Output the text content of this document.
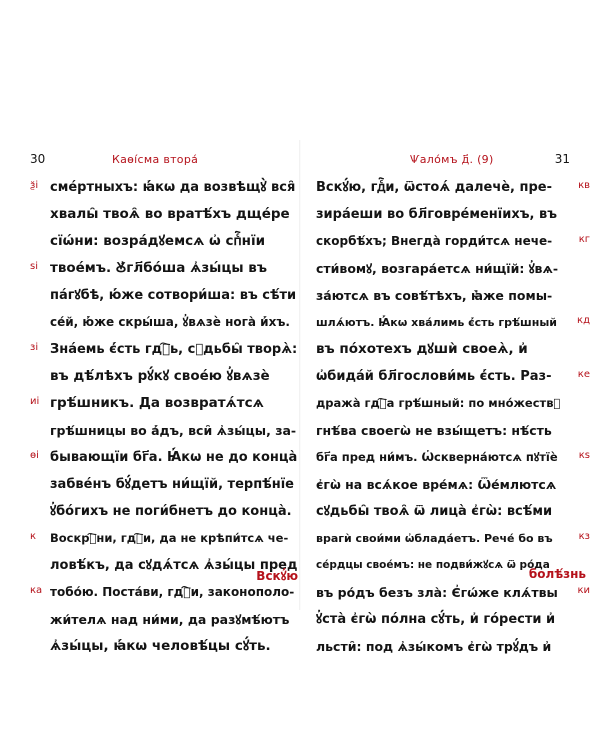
30	Каѳі́сма втора́
ѯі сме́ртныхъ: ꙗ҆́кѡ да возвѣщꙋ̀ вся̑
хвалы̑ твоѧ̑ во вратѣ́хъ дще́ре
сїѡ́ни: возра́дꙋемсѧ ѡ҆ спⷭ҇нїи
ѕі твое́мъ. Ꙋ҆гл҃бо́ша ѧ҆зы́цы въ
па́гꙋбѣ, ю҆́же сотвори́ша: въ сѣ́ти
се́й, ю҆́же скры́ша, ꙋ҆вѧзѐ нога̀ и҆́хъ.
зі Зна́емь є҆́сть гдⷭ҇ь, сꙋдьбы̑ творѧ̀:
въ дѣ́лѣхъ рꙋ́кꙋ свое́ю ꙋ҆вѧзѐ
иі грѣ́шникъ. Да возвратѧ́тсѧ
грѣ́шницы во а҆́дъ, вси̑ ѧ҆зы́цы, за-
ѳі бывающїи бг҃а. Ꙗ҆́кѡ не до конца̀
забве́нъ бꙋ́детъ ни́щїй, терпѣ́нїе
ꙋ҆бо́гихъ не поги́бнетъ до конца̀.
к Воскрⷭ҇ни, гдⷭ҇и, да не крѣпи́тсѧ че-
ловѣ́къ, да сꙋдѧ́тсѧ ѧ҆зы́цы пред
ка тобо́ю. Поста́ви, гдⷭ҇и, законополо-
жи́телѧ над ни́ми, да разꙋмѣ́ютъ
ѧ҆зы́цы, ꙗ҆́кѡ человѣ́цы сꙋ́ть.
Вскꙋ́ю
Ѱало́мъ д҃. (9)	31
кв
Вскꙋ́ю, гдⷭ҇и, ѿстоѧ́ далечѐ, пре-
зира́еши во бл҃говре́менїихъ, въ
кг
скорбѣ́хъ; Внегда̀ горди́тсѧ нече-
сти́вомꙋ, возгара́етсѧ ни́щїй: ꙋ҆вѧ-
за́ютсѧ въ совѣ́тѣхъ, ꙗ҆̀же помы-
кд
шлѧ́ютъ. Ꙗ҆́кѡ хва́лимь є҆́сть грѣ́шный
въ по́хотехъ дꙋшѝ своеѧ̀, и҆
ке
ѡ҆бида́й бл҃гослови́мь є҆́сть. Раз-
дража̀ гдⷭ҇а грѣ́шный: по мно́жествꙋ
гнѣ́ва своегѡ̀ не взы́щетъ: нѣ́сть
кѕ
бг҃а пред ни́мъ. Ѡ҆скверна́ютсѧ пꙋтїѐ
є҆гѡ̀ на всѧ́кое вре́мѧ: Ѿе́млютсѧ
сꙋдьбы̑ твоѧ̑ ѿ лица̀ є҆гѡ̀: всѣ́ми
кз
врагѝ свои́ми ѡ҆блада́етъ. Рече́ бо въ
се́рдцы свое́мъ: не подви́жꙋсѧ ѿ ро́да
ки
въ ро́дъ безъ зла̀: Є҆гѡ́же клѧ́твы
ꙋ҆ста̀ є҆гѡ̀ по́лна сꙋ́ть, и҆ го́рести и҆
льсти̑: под ѧ҆зы́комъ є҆гѡ̀ трꙋ́дъ и҆
болѣ́знь
